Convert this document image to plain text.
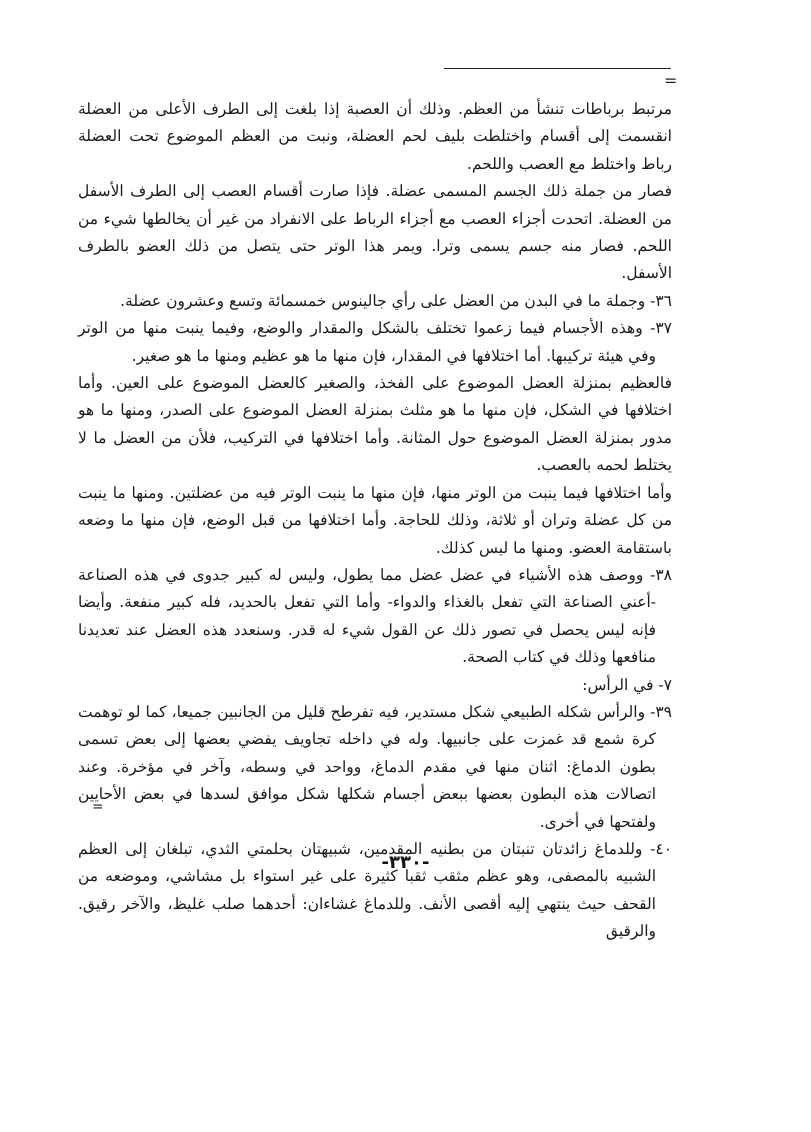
=

مرتبط برباطات تنشأ من العظم. وذلك أن العصبة إذا بلغت إلى الطرف الأعلى من العضلة انقسمت إلى أقسام واختلطت بليف لحم العضلة، ونبت من العظم الموضوع تحت العضلة رباط واختلط مع العصب واللحم.

فصار من جملة ذلك الجسم المسمى عضلة. فإذا صارت أقسام العصب إلى الطرف الأسفل من العضلة. اتحدت أجزاء العصب مع أجزاء الرباط على الانفراد من غير أن يخالطها شيء من اللحم. فصار منه جسم يسمى وترا. ويمر هذا الوتر حتى يتصل من ذلك العضو بالطرف الأسفل.

٣٦- وجملة ما في البدن من العضل على رأي جالينوس خمسمائة وتسع وعشرون عضلة.

٣٧- وهذه الأجسام فيما زعموا تختلف بالشكل والمقدار والوضع، وفيما ينبت منها من الوتر وفي هيئة تركيبها. أما اختلافها في المقدار، فإن منها ما هو عظيم ومنها ما هو صغير.

فالعظيم بمنزلة العضل الموضوع على الفخذ، والصغير كالعضل الموضوع على العين. وأما اختلافها في الشكل، فإن منها ما هو مثلث بمنزلة العضل الموضوع على الصدر، ومنها ما هو مدور بمنزلة العضل الموضوع حول المثانة. وأما اختلافها في التركيب، فلأن من العضل ما لا يختلط لحمه بالعصب.

وأما اختلافها فيما ينبت من الوتر منها، فإن منها ما ينبت الوتر فيه من عضلتين. ومنها ما ينبت من كل عضلة وتران أو ثلاثة، وذلك للحاجة. وأما اختلافها من قبل الوضع، فإن منها ما وضعه باستقامة العضو. ومنها ما ليس كذلك.

٣٨- ووصف هذه الأشياء في عضل عضل مما يطول، وليس له كبير جدوى في هذه الصناعة -أعني الصناعة التي تفعل بالغذاء والدواء- وأما التي تفعل بالحديد، فله كبير منفعة. وأيضا فإنه ليس يحصل في تصور ذلك عن القول شيء له قدر. وسنعدد هذه العضل عند تعديدنا منافعها وذلك في كتاب الصحة.

٧- في الرأس:

٣٩- والرأس شكله الطبيعي شكل مستدير، فيه تفرطح قليل من الجانبين جميعا، كما لو توهمت كرة شمع قد غمزت على جانبيها. وله في داخله تجاويف يفضي بعضها إلى بعض تسمى بطون الدماغ: اثنان منها في مقدم الدماغ، وواحد في وسطه، وآخر في مؤخرة. وعند اتصالات هذه البطون بعضها ببعض أجسام شكلها شكل موافق لسدها في بعض الأحايين ولفتحها في أخرى.

٤٠- وللدماغ زائدتان تنبتان من بطنيه المقدمين، شبيهتان بحلمتي الثدي، تبلغان إلى العظم الشبيه بالمصفى، وهو عظم مثقب ثقبا كثيرة على غير استواء بل مشاشي، وموضعه من القحف حيث ينتهي إليه أقصى الأنف. وللدماغ غشاءان: أحدهما صلب غليظ، والآخر رقيق. والرقيق

=
-٣٣٠-
